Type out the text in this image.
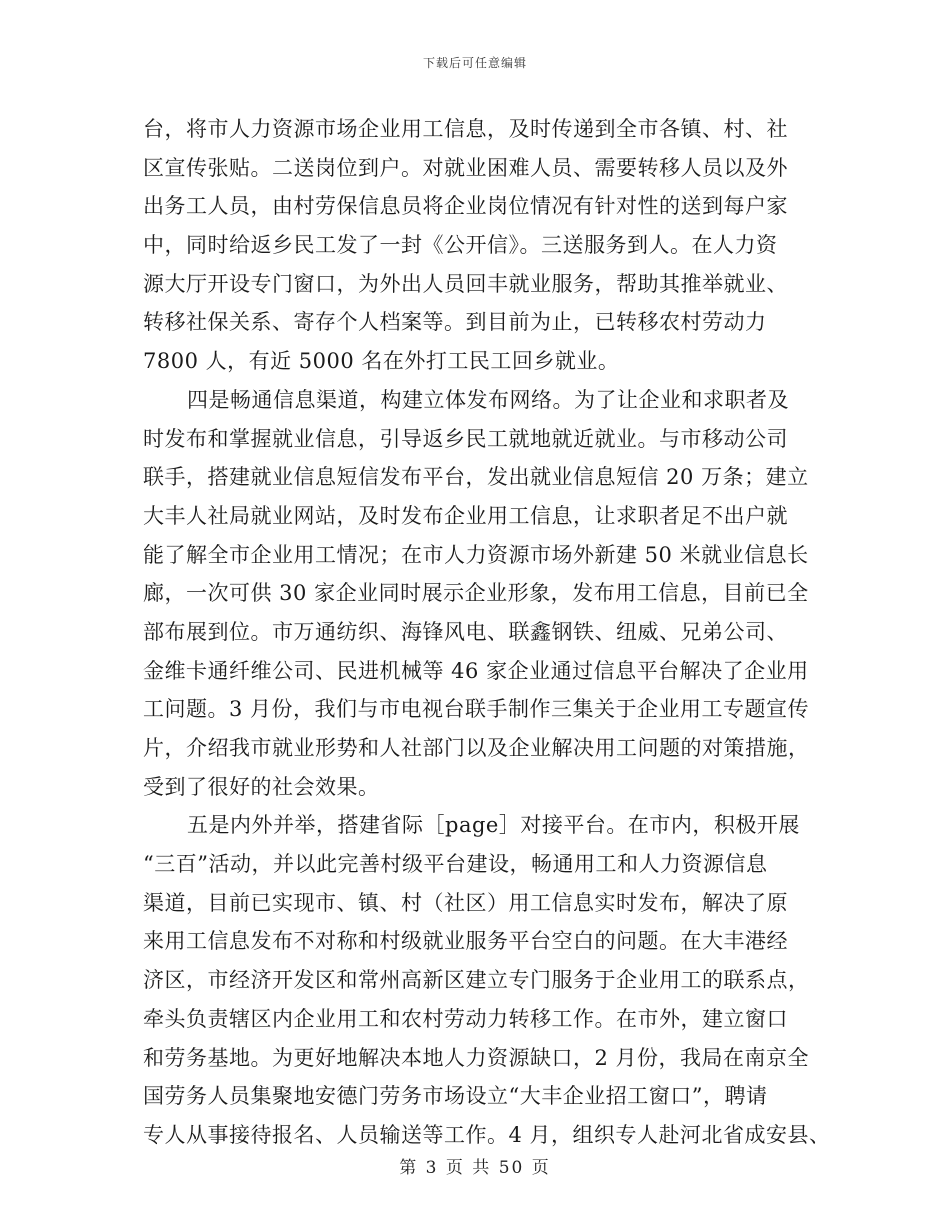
下载后可任意编辑
台，将市人力资源市场企业用工信息，及时传递到全市各镇、村、社
区宣传张贴。二送岗位到户。对就业困难人员、需要转移人员以及外
出务工人员，由村劳保信息员将企业岗位情况有针对性的送到每户家
中，同时给返乡民工发了一封《公开信》。三送服务到人。在人力资
源大厅开设专门窗口，为外出人员回丰就业服务，帮助其推举就业、
转移社保关系、寄存个人档案等。到目前为止，已转移农村劳动力
7800 人，有近 5000 名在外打工民工回乡就业。
四是畅通信息渠道，构建立体发布网络。为了让企业和求职者及
时发布和掌握就业信息，引导返乡民工就地就近就业。与市移动公司
联手，搭建就业信息短信发布平台，发出就业信息短信 20 万条；建立
大丰人社局就业网站，及时发布企业用工信息，让求职者足不出户就
能了解全市企业用工情况；在市人力资源市场外新建 50 米就业信息长
廊，一次可供 30 家企业同时展示企业形象，发布用工信息，目前已全
部布展到位。市万通纺织、海锋风电、联鑫钢铁、纽威、兄弟公司、
金维卡通纤维公司、民进机械等 46 家企业通过信息平台解决了企业用
工问题。3 月份，我们与市电视台联手制作三集关于企业用工专题宣传
片，介绍我市就业形势和人社部门以及企业解决用工问题的对策措施，
受到了很好的社会效果。
五是内外并举，搭建省际［page］对接平台。在市内，积极开展
“三百”活动，并以此完善村级平台建设，畅通用工和人力资源信息
渠道，目前已实现市、镇、村（社区）用工信息实时发布，解决了原
来用工信息发布不对称和村级就业服务平台空白的问题。在大丰港经
济区，市经济开发区和常州高新区建立专门服务于企业用工的联系点，
牵头负责辖区内企业用工和农村劳动力转移工作。在市外，建立窗口
和劳务基地。为更好地解决本地人力资源缺口，2 月份，我局在南京全
国劳务人员集聚地安德门劳务市场设立“大丰企业招工窗口”，聘请
专人从事接待报名、人员输送等工作。4 月，组织专人赴河北省成安县、
第 3 页 共 50 页
